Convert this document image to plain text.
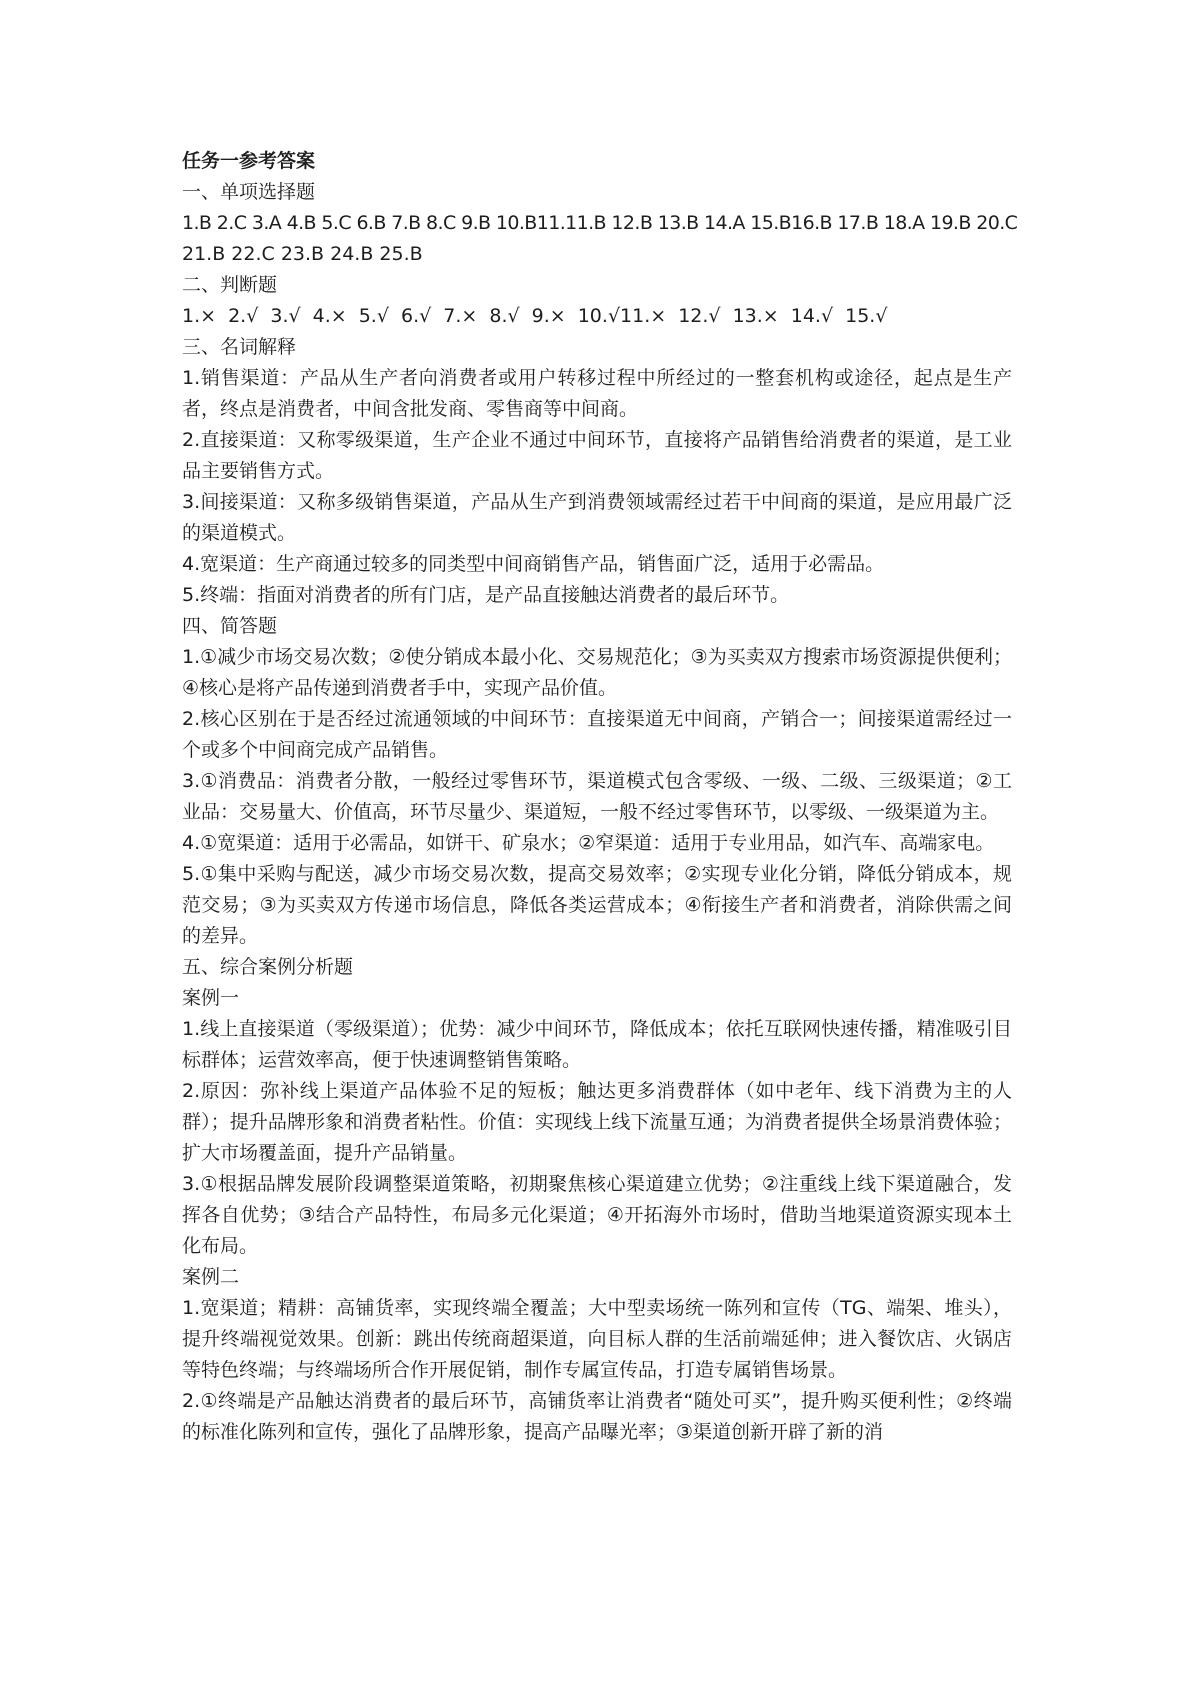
任务一参考答案
一、单项选择题
1.B 2.C 3.A 4.B 5.C 6.B 7.B 8.C 9.B 10.B11.11.B 12.B 13.B 14.A 15.B16.B 17.B 18.A 19.B 20.C
21.B 22.C 23.B 24.B 25.B
二、判断题
1.× 2.√ 3.√ 4.× 5.√ 6.√ 7.× 8.√ 9.× 10.√11.× 12.√ 13.× 14.√ 15.√
三、名词解释
1.销售渠道：产品从生产者向消费者或用户转移过程中所经过的一整套机构或途径，起点是生产者，终点是消费者，中间含批发商、零售商等中间商。
2.直接渠道：又称零级渠道，生产企业不通过中间环节，直接将产品销售给消费者的渠道，是工业品主要销售方式。
3.间接渠道：又称多级销售渠道，产品从生产到消费领域需经过若干中间商的渠道，是应用最广泛的渠道模式。
4.宽渠道：生产商通过较多的同类型中间商销售产品，销售面广泛，适用于必需品。
5.终端：指面对消费者的所有门店，是产品直接触达消费者的最后环节。
四、简答题
1.①减少市场交易次数；②使分销成本最小化、交易规范化；③为买卖双方搜索市场资源提供便利；④核心是将产品传递到消费者手中，实现产品价值。
2.核心区别在于是否经过流通领域的中间环节：直接渠道无中间商，产销合一；间接渠道需经过一个或多个中间商完成产品销售。
3.①消费品：消费者分散，一般经过零售环节，渠道模式包含零级、一级、二级、三级渠道；②工业品：交易量大、价值高，环节尽量少、渠道短，一般不经过零售环节，以零级、一级渠道为主。
4.①宽渠道：适用于必需品，如饼干、矿泉水；②窄渠道：适用于专业用品，如汽车、高端家电。
5.①集中采购与配送，减少市场交易次数，提高交易效率；②实现专业化分销，降低分销成本，规范交易；③为买卖双方传递市场信息，降低各类运营成本；④衔接生产者和消费者，消除供需之间的差异。
五、综合案例分析题
案例一
1.线上直接渠道（零级渠道）；优势：减少中间环节，降低成本；依托互联网快速传播，精准吸引目标群体；运营效率高，便于快速调整销售策略。
2.原因：弥补线上渠道产品体验不足的短板；触达更多消费群体（如中老年、线下消费为主的人群）；提升品牌形象和消费者粘性。价值：实现线上线下流量互通；为消费者提供全场景消费体验；扩大市场覆盖面，提升产品销量。
3.①根据品牌发展阶段调整渠道策略，初期聚焦核心渠道建立优势；②注重线上线下渠道融合，发挥各自优势；③结合产品特性，布局多元化渠道；④开拓海外市场时，借助当地渠道资源实现本土化布局。
案例二
1.宽渠道；精耕：高铺货率，实现终端全覆盖；大中型卖场统一陈列和宣传（TG、端架、堆头），提升终端视觉效果。创新：跳出传统商超渠道，向目标人群的生活前端延伸；进入餐饮店、火锅店等特色终端；与终端场所合作开展促销，制作专属宣传品，打造专属销售场景。
2.①终端是产品触达消费者的最后环节，高铺货率让消费者“随处可买”，提升购买便利性；②终端的标准化陈列和宣传，强化了品牌形象，提高产品曝光率；③渠道创新开辟了新的消
